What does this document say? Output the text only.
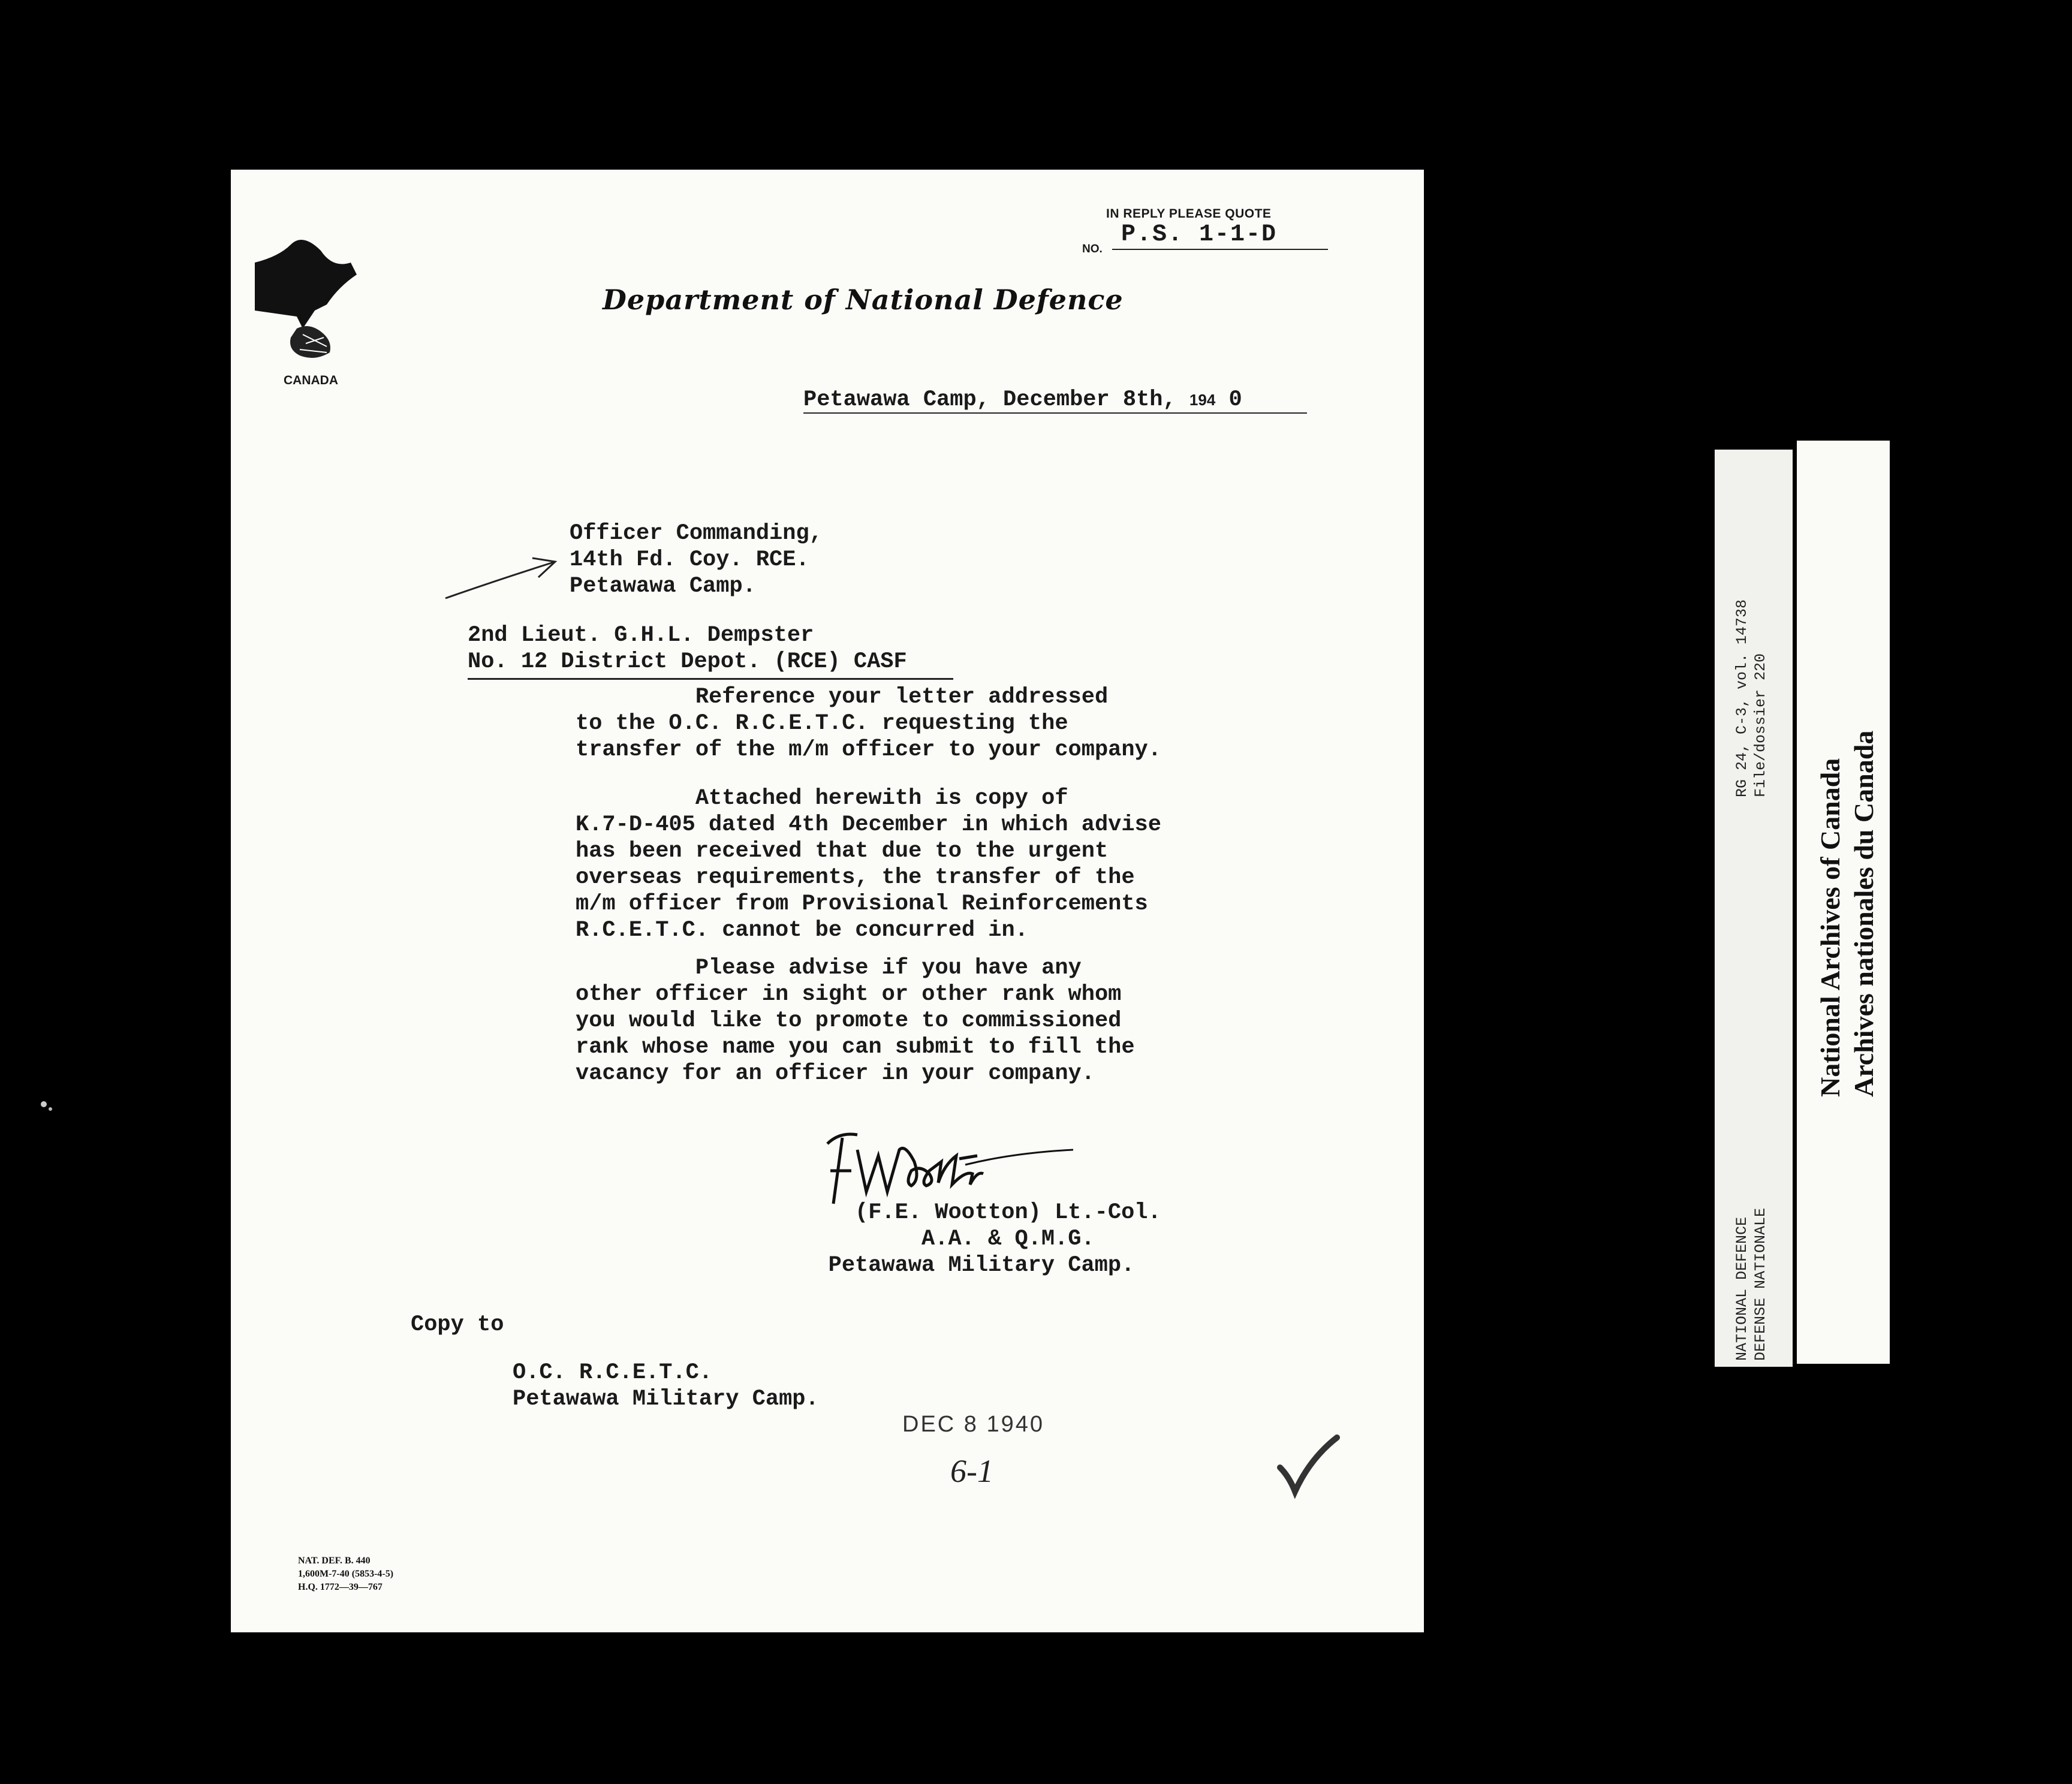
IN REPLY PLEASE QUOTE
NO.
P.S. 1-1-D
CANADA
Department of National Defence
Petawawa Camp, December 8th, 194 0
Officer Commanding,
14th Fd. Coy. RCE.
Petawawa Camp.
2nd Lieut. G.H.L. Dempster
No. 12 District Depot. (RCE) CASF
Reference your letter addressed
to the O.C. R.C.E.T.C. requesting the
transfer of the m/m officer to your company.
Attached herewith is copy of
K.7-D-405 dated 4th December in which advise
has been received that due to the urgent
overseas requirements, the transfer of the
m/m officer from Provisional Reinforcements
R.C.E.T.C. cannot be concurred in.
Please advise if you have any
other officer in sight or other rank whom
you would like to promote to commissioned
rank whose name you can submit to fill the
vacancy for an officer in your company.
(F.E. Wootton) Lt.-Col.
A.A. & Q.M.G.
Petawawa Military Camp.
Copy to
O.C. R.C.E.T.C.
Petawawa Military Camp.
DEC 8 1940
6-1
NAT. DEF. B. 440
1,600M-7-40 (5853-4-5)
H.Q. 1772—39—767
RG 24, C-3, vol. 14738
File/dossier 220
NATIONAL DEFENCE
DEFENSE NATIONALE
National Archives of Canada
Archives nationales du Canada
